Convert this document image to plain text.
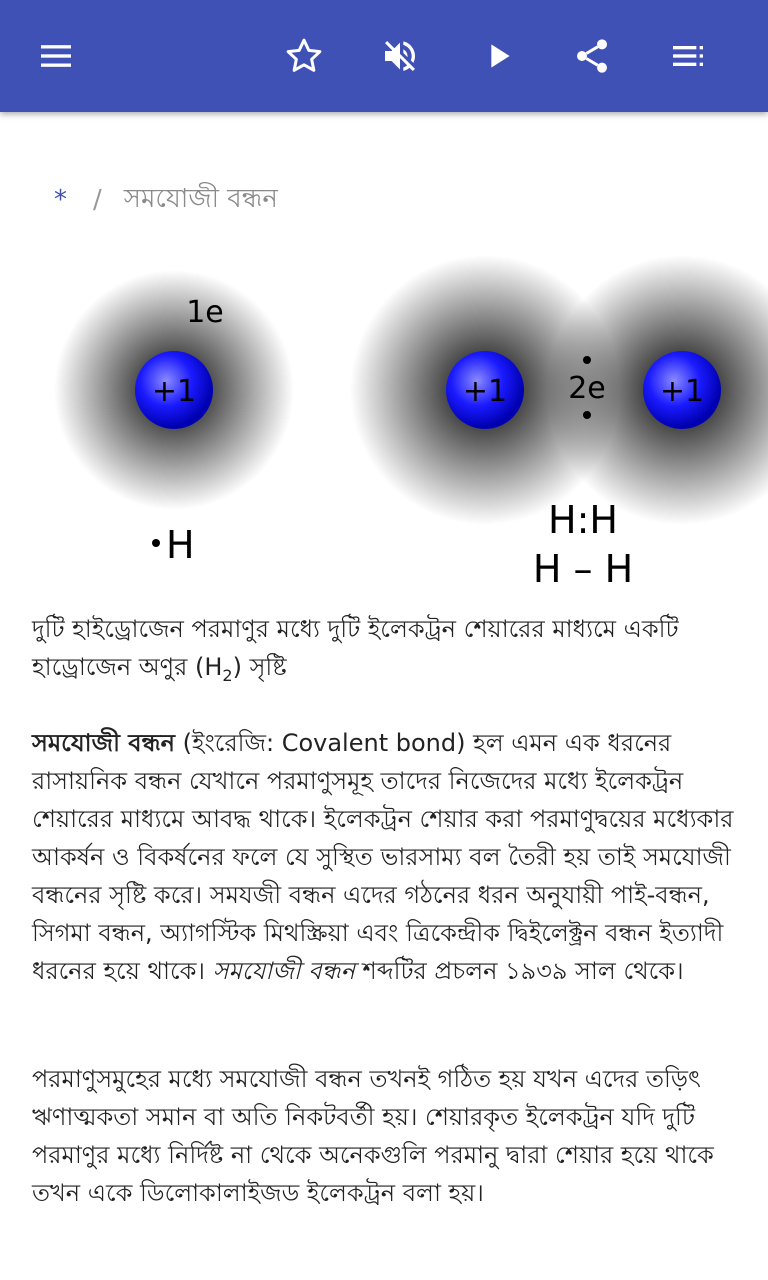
* / সমযোজী বন্ধন
+1
1e
+1	+1
2e
H
H:H
H – H
দুটি হাইড্রোজেন পরমাণুর মধ্যে দুটি ইলেকট্রন শেয়ারের মাধ্যমে একটি হাড্রোজেন অণুর $(H_2)$ সৃষ্টি
সমযোজী বন্ধন (ইংরেজি: Covalent bond) হল এমন এক ধরনের রাসায়নিক বন্ধন যেখানে পরমাণুসমূহ তাদের নিজেদের মধ্যে ইলেকট্রন শেয়ারের মাধ্যমে আবদ্ধ থাকে। ইলেকট্রন শেয়ার করা পরমাণুদ্বয়ের মধ্যেকার আকর্ষন ও বিকর্ষনের ফলে যে সুস্থিত ভারসাম্য বল তৈরী হয় তাই সমযোজী বন্ধনের সৃষ্টি করে। সমযজী বন্ধন এদের গঠনের ধরন অনুযায়ী পাই-বন্ধন, সিগমা বন্ধন, অ্যাগস্টিক মিথস্ক্রিয়া এবং ত্রিকেন্দ্রীক দ্বিইলেক্ট্রন বন্ধন ইত্যাদী ধরনের হয়ে থাকে। সমযোজী বন্ধন শব্দটির প্রচলন ১৯৩৯ সাল থেকে।
পরমাণুসমুহের মধ্যে সমযোজী বন্ধন তখনই গঠিত হয় যখন এদের তড়িৎ ঋণাত্মকতা সমান বা অতি নিকটবর্তী হয়। শেয়ারকৃত ইলেকট্রন যদি দুটি পরমাণুর মধ্যে নির্দিষ্ট না থেকে অনেকগুলি পরমানু দ্বারা শেয়ার হয়ে থাকে তখন একে ডিলোকালাইজড ইলেকট্রন বলা হয়।
